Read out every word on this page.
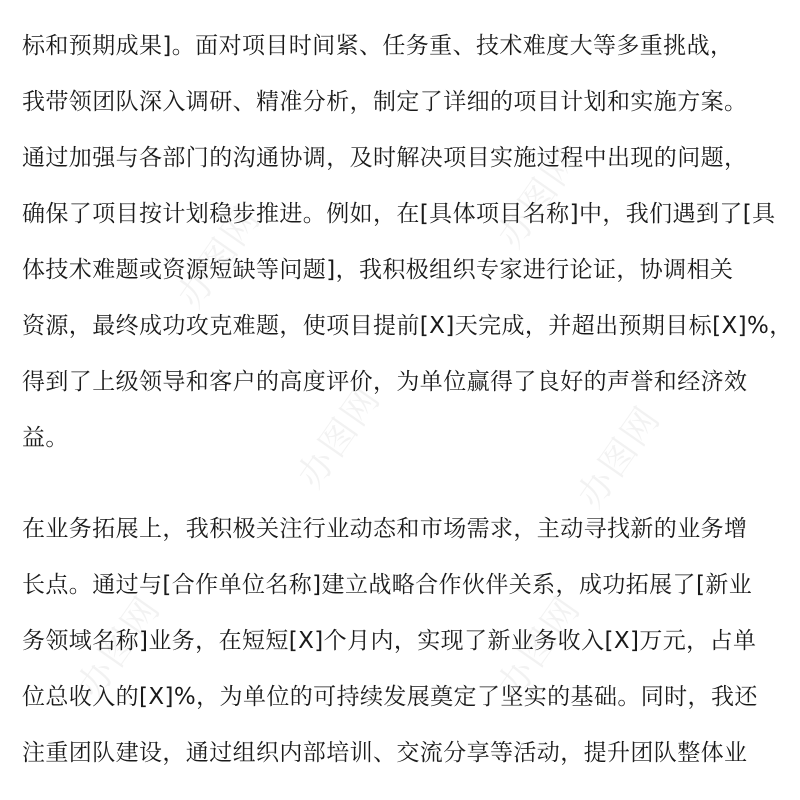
办图网
办图网
办图网	办图网
办图网	办图网
标和预期成果]。面对项目时间紧、任务重、技术难度大等多重挑战，
我带领团队深入调研、精准分析，制定了详细的项目计划和实施方案。
通过加强与各部门的沟通协调，及时解决项目实施过程中出现的问题，
确保了项目按计划稳步推进。例如，在[具体项目名称]中，我们遇到了[具
体技术难题或资源短缺等问题]，我积极组织专家进行论证，协调相关
资源，最终成功攻克难题，使项目提前[X]天完成，并超出预期目标[X]%，
得到了上级领导和客户的高度评价，为单位赢得了良好的声誉和经济效
益。
在业务拓展上，我积极关注行业动态和市场需求，主动寻找新的业务增
长点。通过与[合作单位名称]建立战略合作伙伴关系，成功拓展了[新业
务领域名称]业务，在短短[X]个月内，实现了新业务收入[X]万元，占单
位总收入的[X]%，为单位的可持续发展奠定了坚实的基础。同时，我还
注重团队建设，通过组织内部培训、交流分享等活动，提升团队整体业
